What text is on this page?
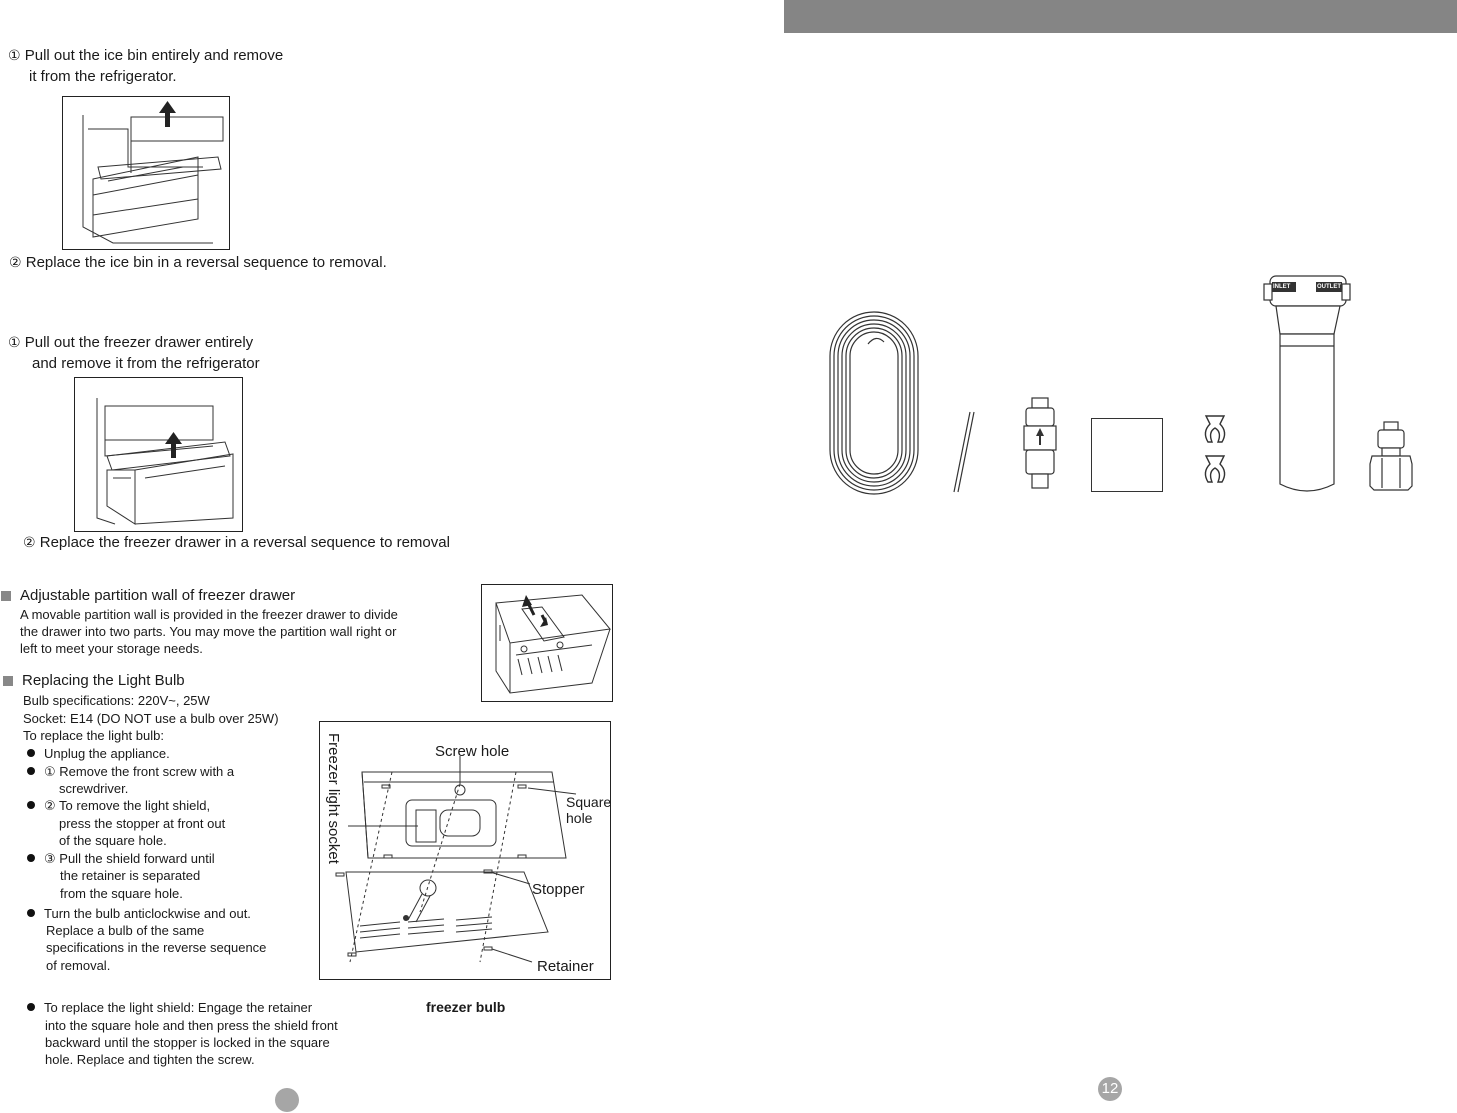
① Pull out the ice bin entirely and remove
it from the refrigerator.
② Replace the ice bin in a reversal sequence to removal.
① Pull out the freezer drawer entirely
and remove it from the refrigerator
② Replace the freezer drawer in a reversal sequence to removal
Adjustable partition wall of freezer drawer
A movable partition wall is provided in the freezer drawer to divide
the drawer into two parts. You may move the partition wall right or
left to meet your storage needs.
Replacing the Light Bulb
Bulb specifications: 220V~, 25W
Socket: E14 (DO NOT use a bulb over 25W)
To replace the light bulb:
Unplug the appliance.
① Remove the front screw with a
screwdriver.
② To remove the light shield,
press the stopper at front out
of the square hole.
③ Pull the shield forward until
the retainer is separated
from the square hole.
Turn the bulb anticlockwise and out.
Replace a bulb of the same
specifications in the reverse sequence
of removal.
To replace the light shield: Engage the retainer
into the square hole and then press the shield front
backward until the stopper is locked in the square
hole. Replace and tighten the screw.
freezer bulb
Freezer light socket	Screw hole
Square
hole
Stopper
Retainer
INLET	OUTLET
12
